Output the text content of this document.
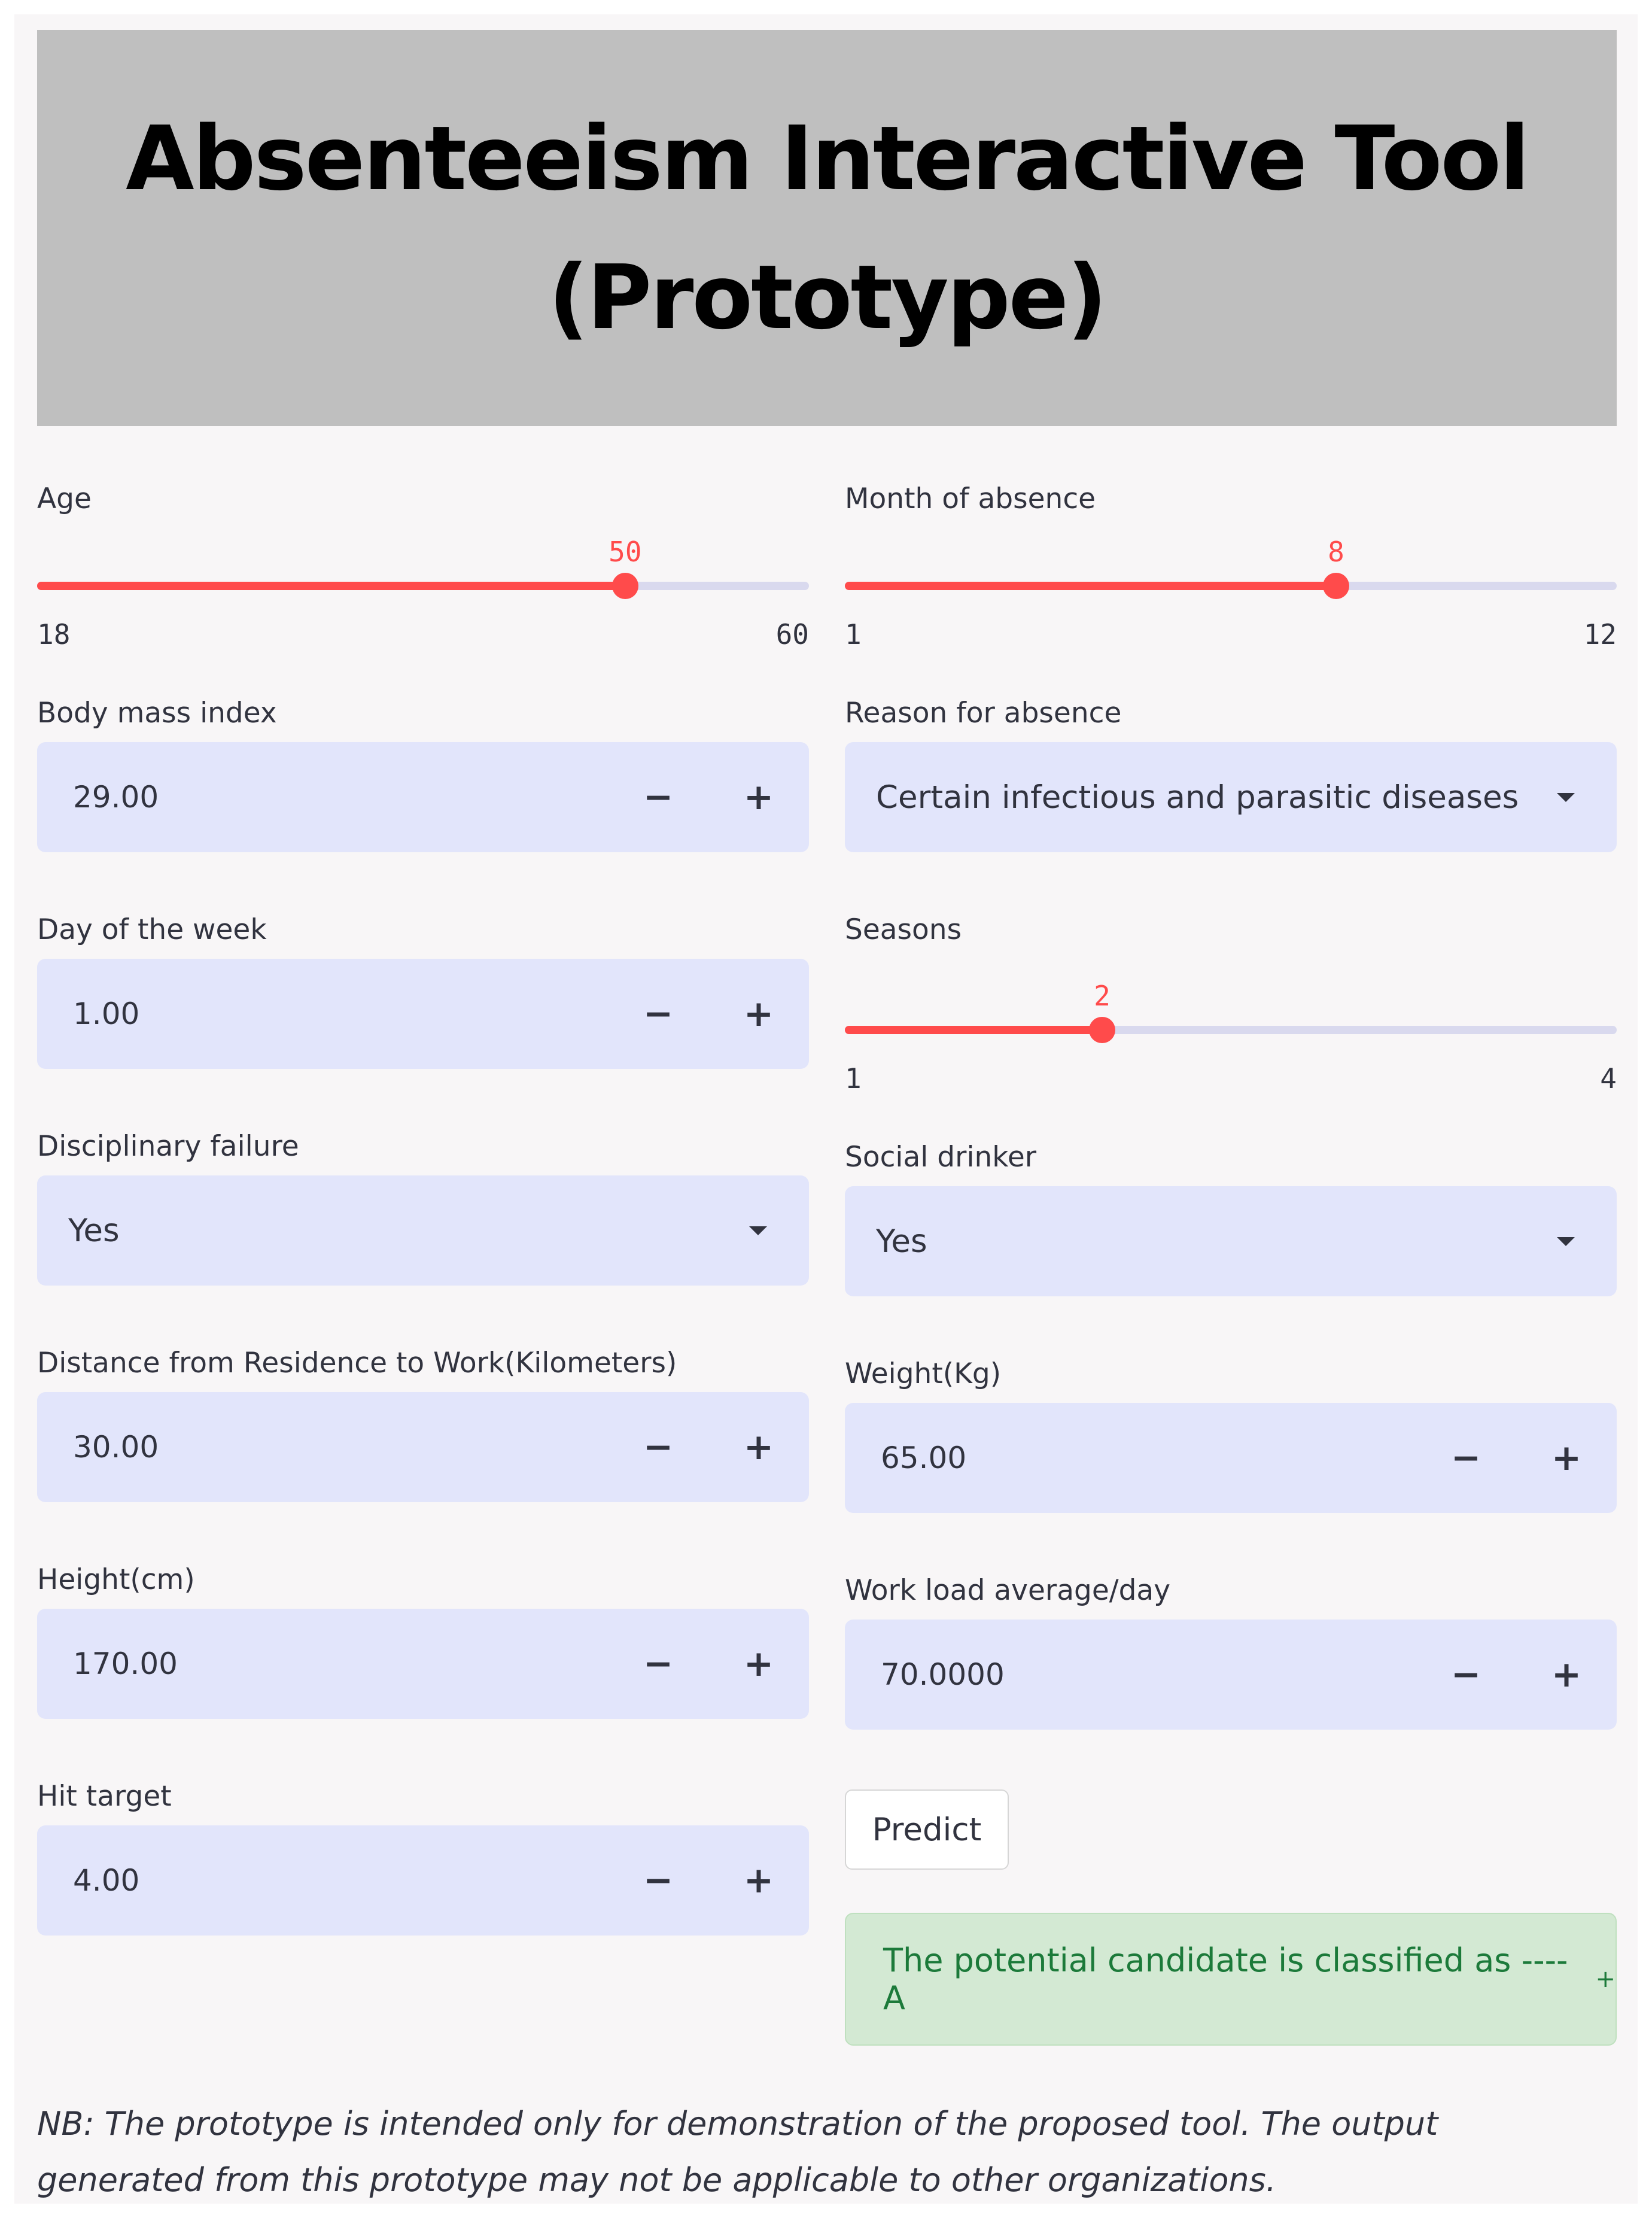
Absenteeism Interactive Tool (Prototype)
Age
50
18	60
Body mass index
29.00	−	+
Day of the week
1.00	−	+
Disciplinary failure
Yes
Distance from Residence to Work(Kilometers)
30.00	−	+
Height(cm)
170.00	−	+
Hit target
4.00	−	+
Month of absence
8
1	12
Reason for absence
Certain infectious and parasitic diseases
Seasons
2
1	4
Social drinker
Yes
Weight(Kg)
65.00	−	+
Work load average/day
70.0000	−	+
Predict
The potential candidate is classified as ---- A	+
NB: The prototype is intended only for demonstration of the proposed tool. The output generated from this prototype may not be applicable to other organizations.
